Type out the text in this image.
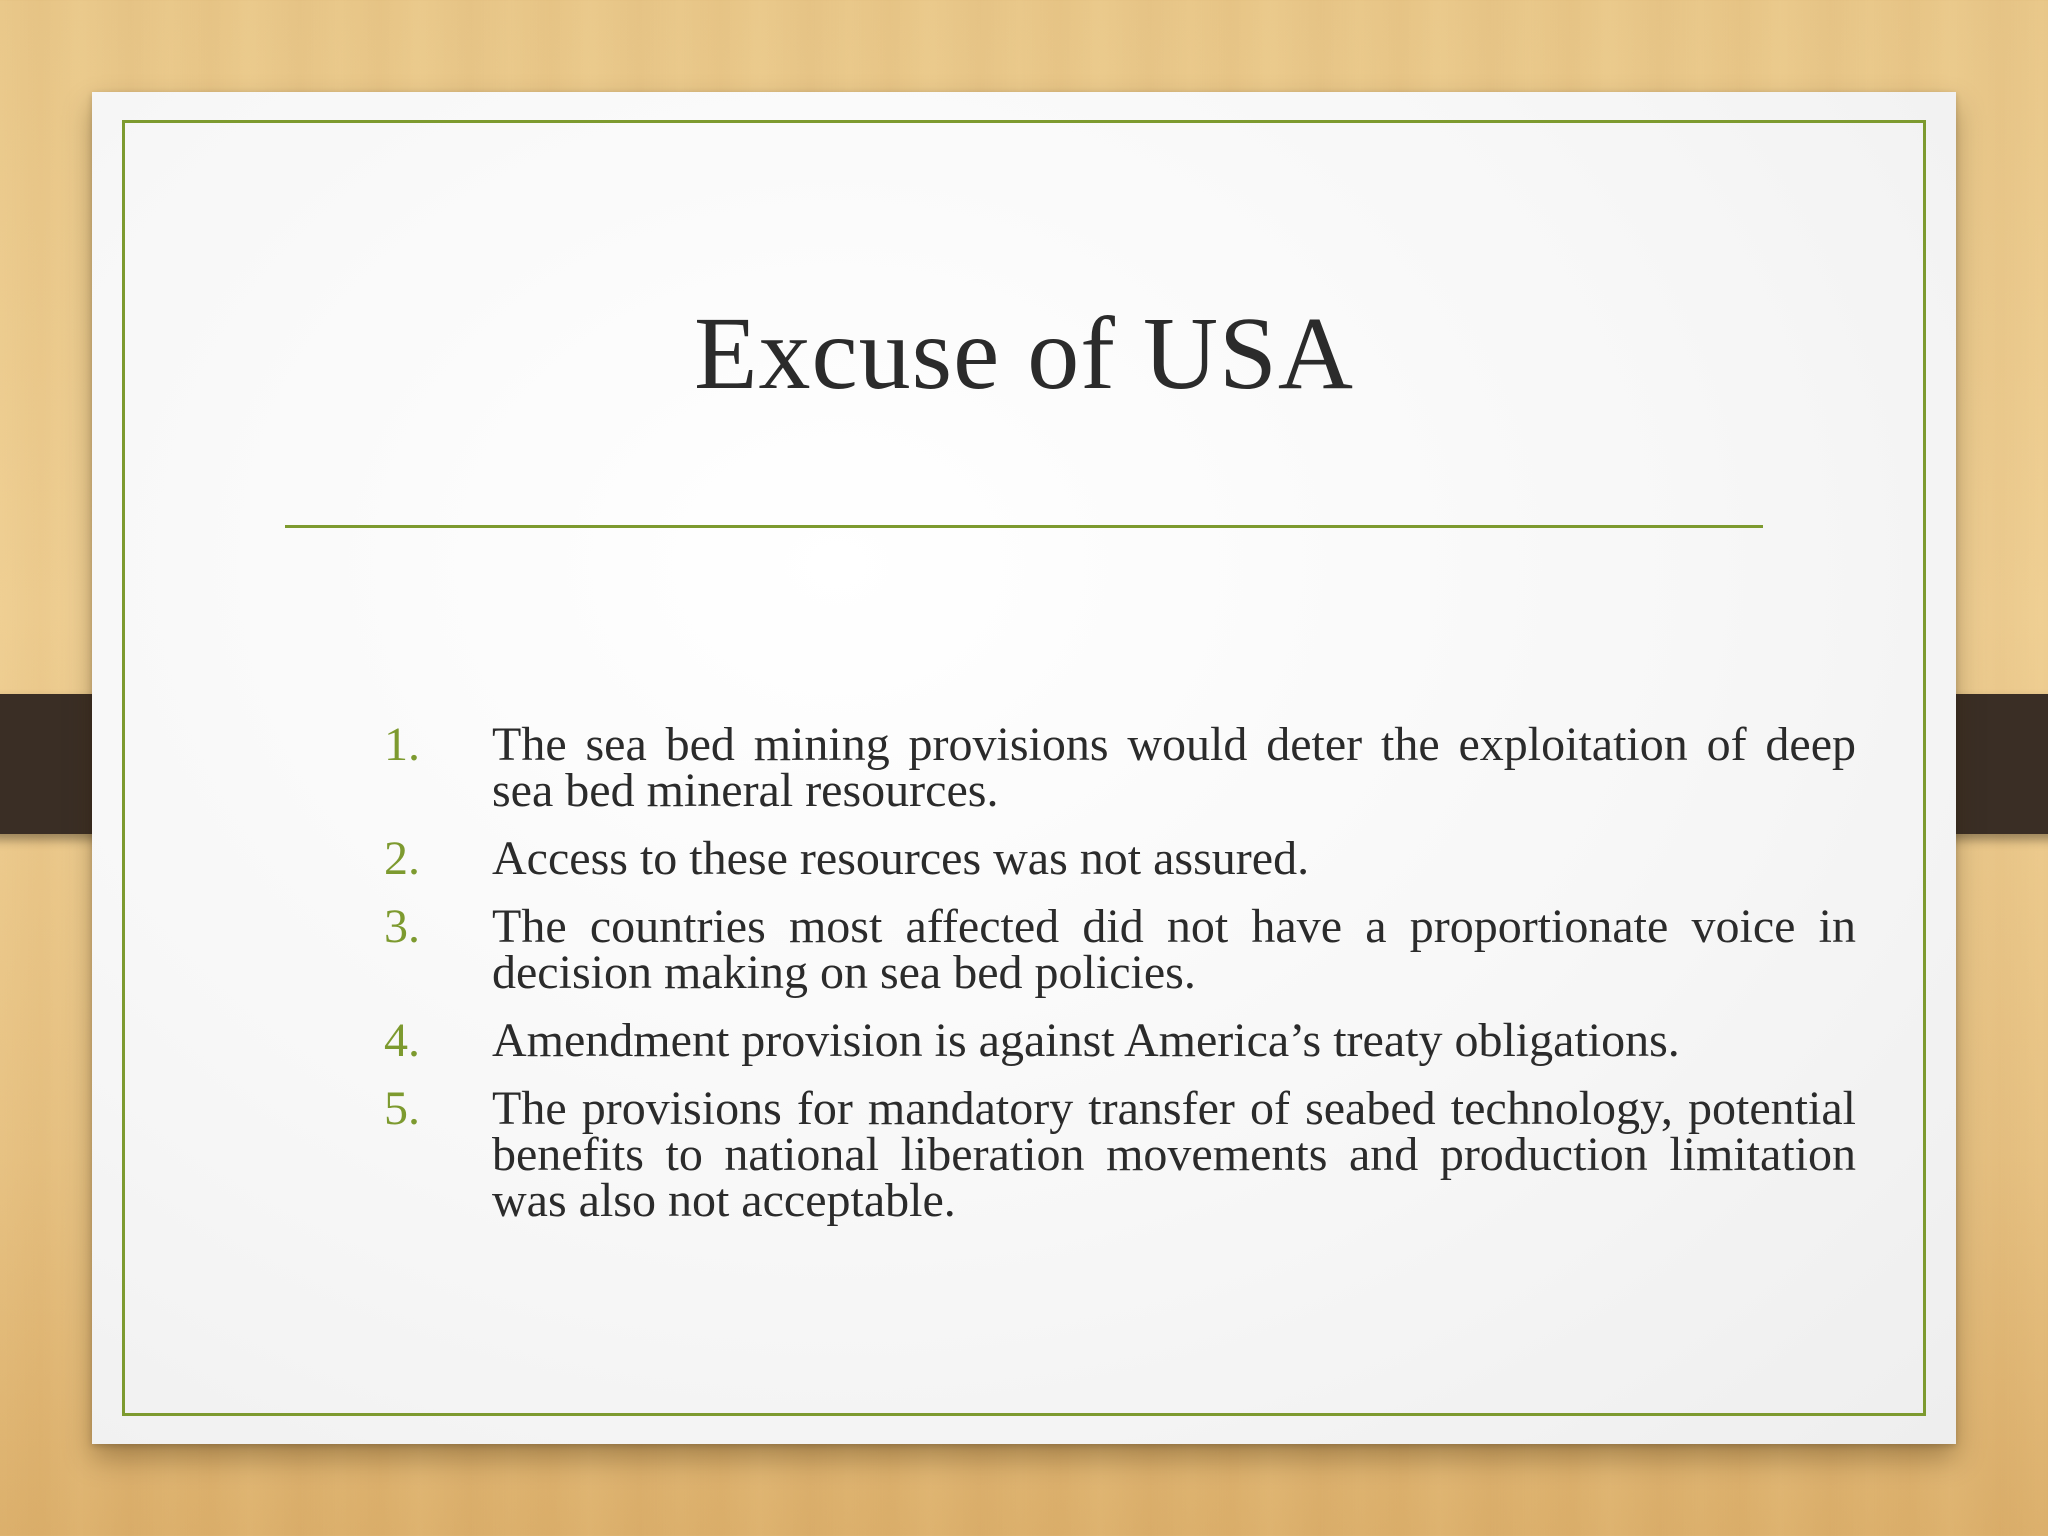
Excuse of USA
1.	The sea bed mining provisions would deter the exploitation of deep sea bed mineral resources.
2.	Access to these resources was not assured.
3.	The countries most affected did not have a proportionate voice in decision making on sea bed policies.
4.	Amendment provision is against America’s treaty obligations.
5.	The provisions for mandatory transfer of seabed technology, potential benefits to national liberation movements and production limitation was also not acceptable.
